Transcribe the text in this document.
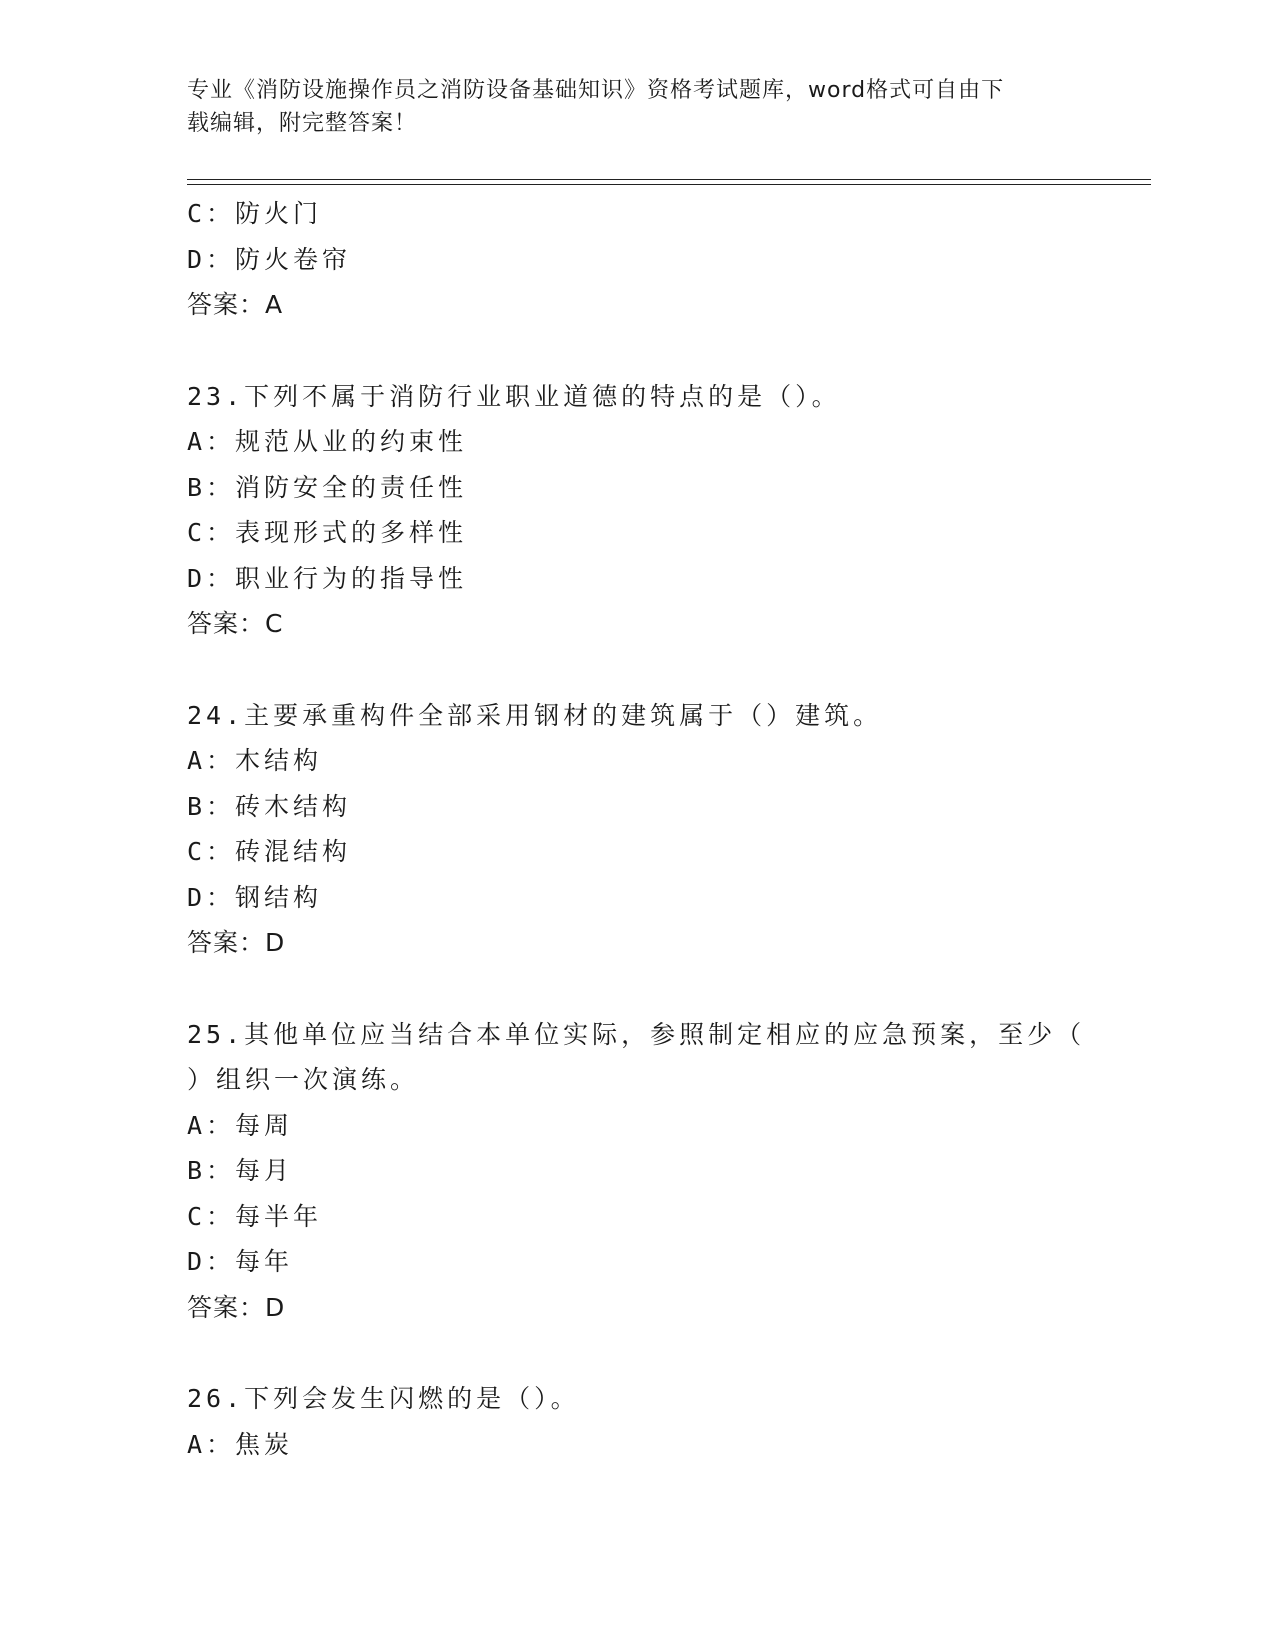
专业《消防设施操作员之消防设备基础知识》资格考试题库，word格式可自由下
载编辑，附完整答案！
C：防火门
D：防火卷帘
答案：A
23.下列不属于消防行业职业道德的特点的是（）。
A：规范从业的约束性
B：消防安全的责任性
C：表现形式的多样性
D：职业行为的指导性
答案：C
24.主要承重构件全部采用钢材的建筑属于（）建筑。
A：木结构
B：砖木结构
C：砖混结构
D：钢结构
答案：D
25.其他单位应当结合本单位实际，参照制定相应的应急预案，至少（
）组织一次演练。
A：每周
B：每月
C：每半年
D：每年
答案：D
26.下列会发生闪燃的是（）。
A：焦炭
